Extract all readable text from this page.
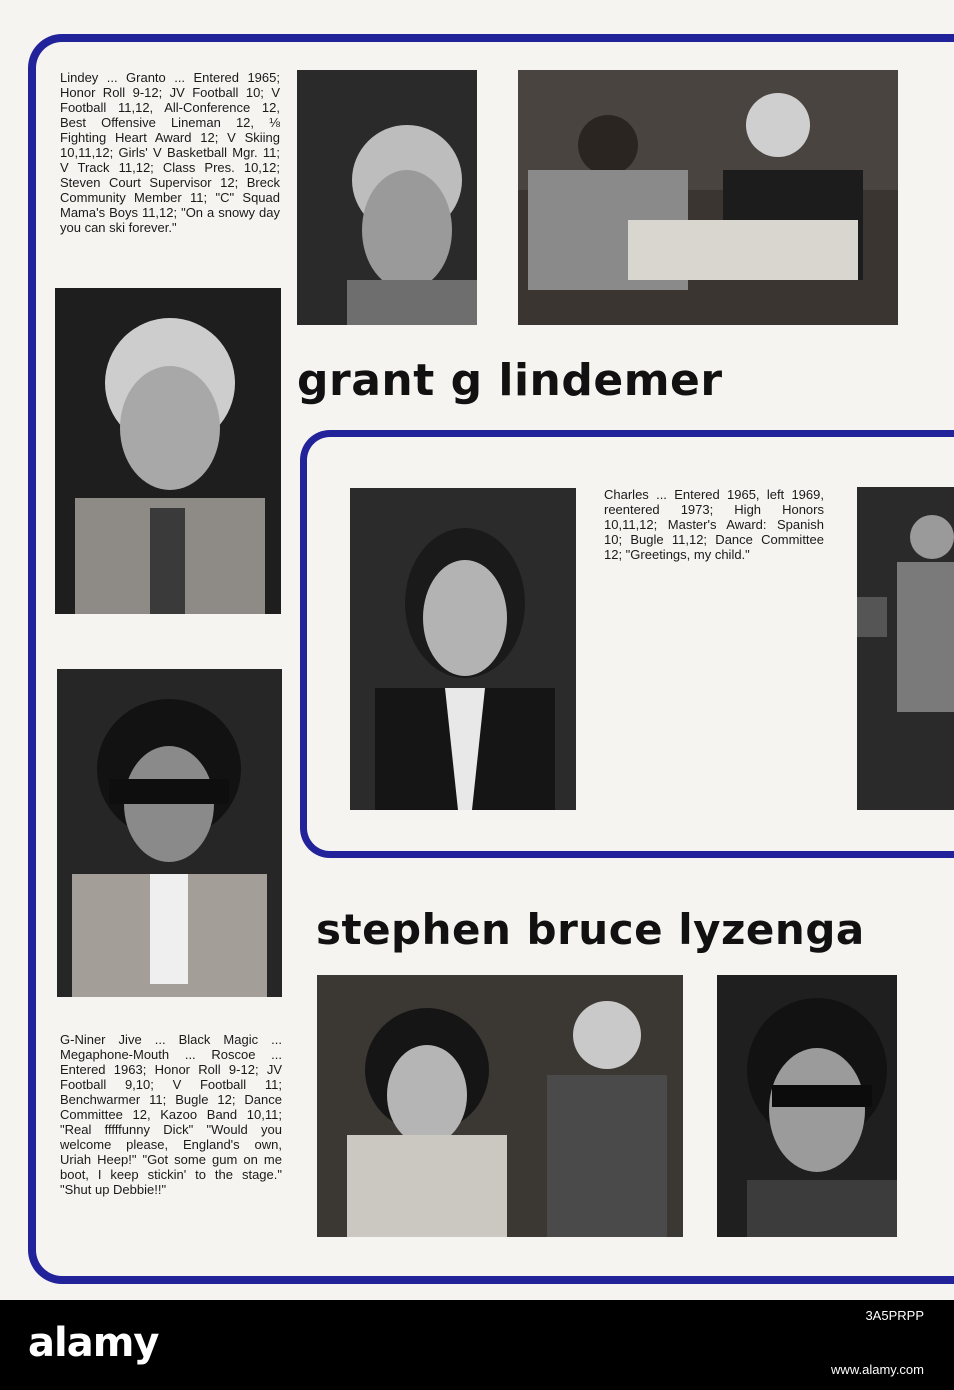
Lindey ... Granto ... Entered 1965; Honor Roll 9-12; JV Football 10; V Football 11,12, All-Conference 12, Best Offensive Lineman 12, ⅛ Fighting Heart Award 12; V Skiing 10,11,12; Girls' V Basketball Mgr. 11; V Track 11,12; Class Pres. 10,12; Steven Court Supervisor 12; Breck Community Member 11; "C" Squad Mama's Boys 11,12; "On a snowy day you can ski forever."
grant g lindemer
Charles ... Entered 1965, left 1969, reentered 1973; High Honors 10,11,12; Master's Award: Spanish 10; Bugle 11,12; Dance Committee 12; "Greetings, my child."
stephen bruce lyzenga
G-Niner Jive ... Black Magic ... Megaphone-Mouth ... Roscoe ... Entered 1963; Honor Roll 9-12; JV Football 9,10; V Football 11; Benchwarmer 11; Bugle 12; Dance Committee 12, Kazoo Band 10,11; "Real fffffunny Dick" "Would you welcome please, England's own, Uriah Heep!" "Got some gum on me boot, I keep stickin' to the stage." "Shut up Debbie!!"
alamy
3A5PRPP
www.alamy.com
